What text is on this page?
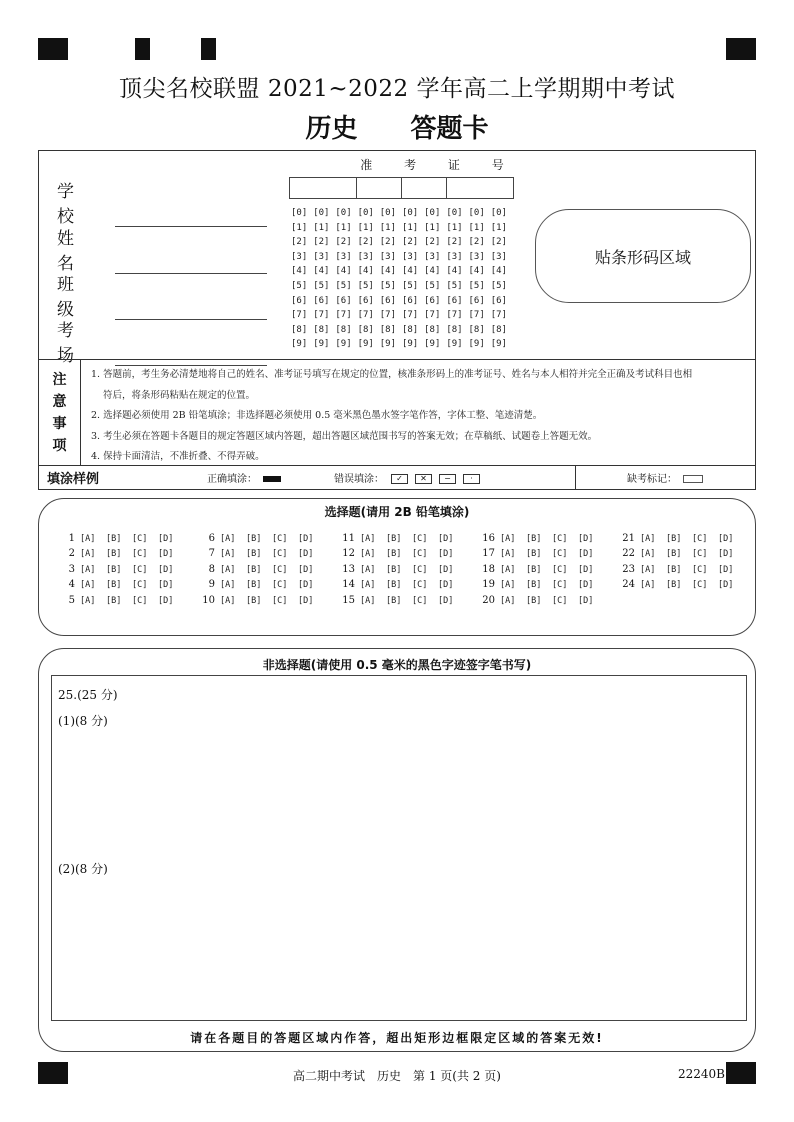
顶尖名校联盟 2021~2022 学年高二上学期期中考试
历史 答题卡
学 校
姓 名
班 级
考 场
准 考 证 号
[0] [0] [0] [0] [0] [0] [0] [0] [0] [0]
[1] [1] [1] [1] [1] [1] [1] [1] [1] [1]
[2] [2] [2] [2] [2] [2] [2] [2] [2] [2]
[3] [3] [3] [3] [3] [3] [3] [3] [3] [3]
[4] [4] [4] [4] [4] [4] [4] [4] [4] [4]
[5] [5] [5] [5] [5] [5] [5] [5] [5] [5]
[6] [6] [6] [6] [6] [6] [6] [6] [6] [6]
[7] [7] [7] [7] [7] [7] [7] [7] [7] [7]
[8] [8] [8] [8] [8] [8] [8] [8] [8] [8]
[9] [9] [9] [9] [9] [9] [9] [9] [9] [9]
贴条形码区域
注
意
事
项
1. 答题前，考生务必清楚地将自己的姓名、准考证号填写在规定的位置，核准条形码上的准考证号、姓名与本人相符并完全正确及考试科目也相
符后，将条形码粘贴在规定的位置。
2. 选择题必须使用 2B 铅笔填涂；非选择题必须使用 0.5 毫米黑色墨水签字笔作答，字体工整、笔迹清楚。
3. 考生必须在答题卡各题目的规定答题区域内答题，超出答题区域范围书写的答案无效；在草稿纸、试题卷上答题无效。
4. 保持卡面清洁，不准折叠、不得弄破。
填涂样例	正确填涂：	错误填涂： ✓ ✕ − ·	缺考标记：
选择题(请用 2B 铅笔填涂)
1 [A] [B] [C] [D]
2 [A] [B] [C] [D]
3 [A] [B] [C] [D]
4 [A] [B] [C] [D]
5 [A] [B] [C] [D]
6 [A] [B] [C] [D]
7 [A] [B] [C] [D]
8 [A] [B] [C] [D]
9 [A] [B] [C] [D]
10 [A] [B] [C] [D]
11 [A] [B] [C] [D]
12 [A] [B] [C] [D]
13 [A] [B] [C] [D]
14 [A] [B] [C] [D]
15 [A] [B] [C] [D]
16 [A] [B] [C] [D]
17 [A] [B] [C] [D]
18 [A] [B] [C] [D]
19 [A] [B] [C] [D]
20 [A] [B] [C] [D]
21 [A] [B] [C] [D]
22 [A] [B] [C] [D]
23 [A] [B] [C] [D]
24 [A] [B] [C] [D]
非选择题(请使用 0.5 毫米的黑色字迹签字笔书写)
25.(25 分)
(1)(8 分)
(2)(8 分)
请在各题目的答题区域内作答，超出矩形边框限定区域的答案无效!
高二期中考试　历史　第 1 页(共 2 页)	22240B
